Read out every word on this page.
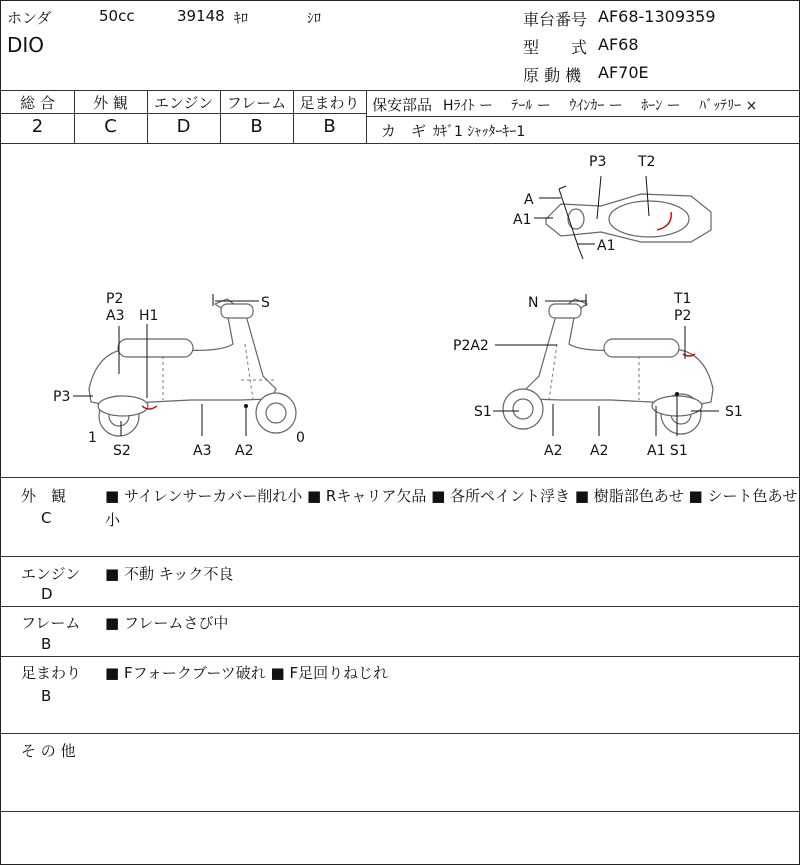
ホンダ	50cc	39148 ｷﾛ	ｼﾛ
DIO
車台番号 AF68-1309359
型　　式 AF68
原 動 機 AF70E
総 合	外 観	エンジン フレーム 足まわり
2	C	D	B	B
保安部品 Hﾗｲﾄ ー　 ﾃｰﾙ ー　 ｳｲﾝｶｰ ー　 ﾎｰﾝ ー　 ﾊﾞｯﾃﾘｰ ×
カ　ギ ｶｷﾞ1 ｼｬｯﾀｰｷｰ1
P3 T2
A
A1
A1
P2
A3 H1
S
P3
1
S2	A3 A2
0
N	T1
P2
P2A2
S1	S1
A2 A2	A1 S1
外　観
C
■ サイレンサーカバー削れ小 ■ Rキャリア欠品 ■ 各所ペイント浮き ■ 樹脂部色あせ ■ シート色あせ
小
エンジン
D
■ 不動 キック不良
フレーム
B
■ フレームさび中
足まわり
B
■ Fフォークブーツ破れ ■ F足回りねじれ
そ の 他
